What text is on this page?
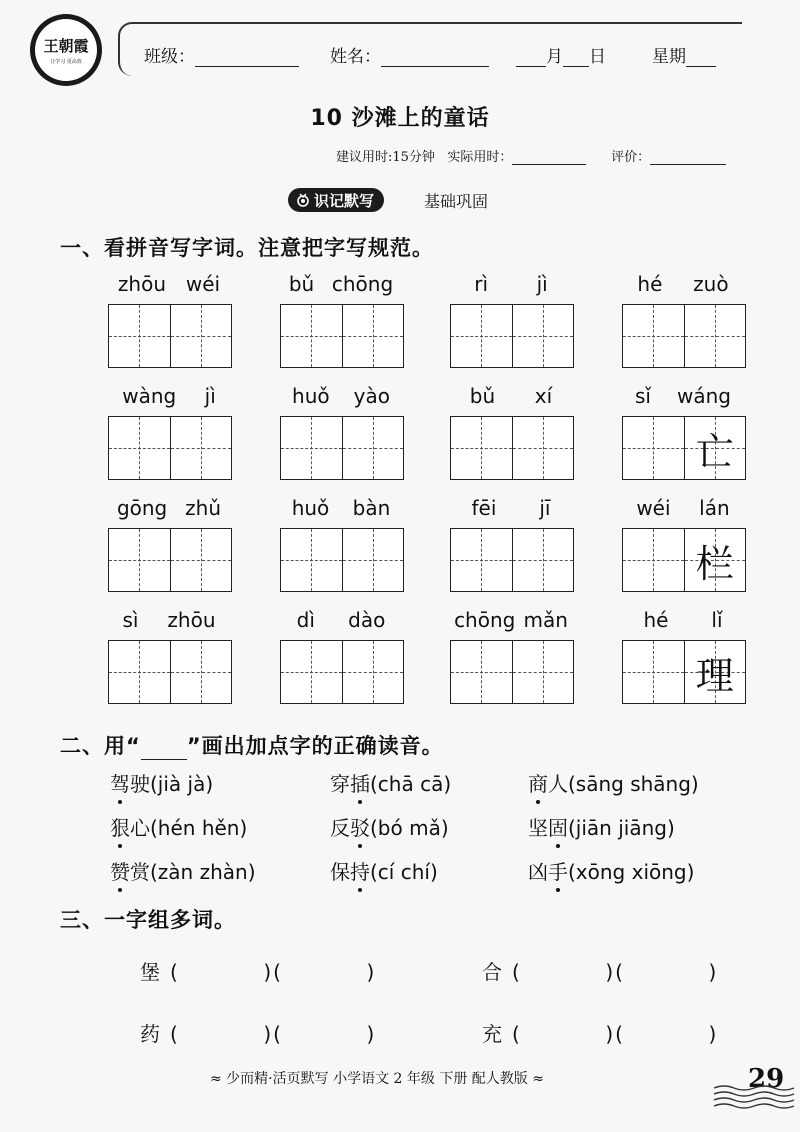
王朝霞
让学习 更高效	班级：	姓名：	月 日	星期
10 沙滩上的童话
建议用时:15分钟 实际用时：	评价：
识记默写	基础巩固
一、看拼音写字词。注意把字写规范。
zhōu wéi	bǔ chōng	rì jì	hé zuò
wàng jì	huǒ yào	bǔ xí	sǐ wáng
亡
gōng zhǔ	huǒ bàn	fēi jī	wéi lán
栏
sì zhōu	dì dào	chōng mǎn	hé lǐ
理
二、用“ ”画出加点字的正确读音。
驾驶(jià jà)	穿插(chā cā)	商人(sāng shāng)
狠心(hén hěn)	反驳(bó mǎ)	坚固(jiān jiāng)
赞赏(zàn zhàn)	保持(cí chí)	凶手(xōng xiōng)
三、一字组多词。
堡 (          )(          )	合 (          )(          )
药 (          )(          )	充 (          )(          )
≈ 少而精·活页默写 小学语文 2 年级 下册 配人教版 ≈	29
